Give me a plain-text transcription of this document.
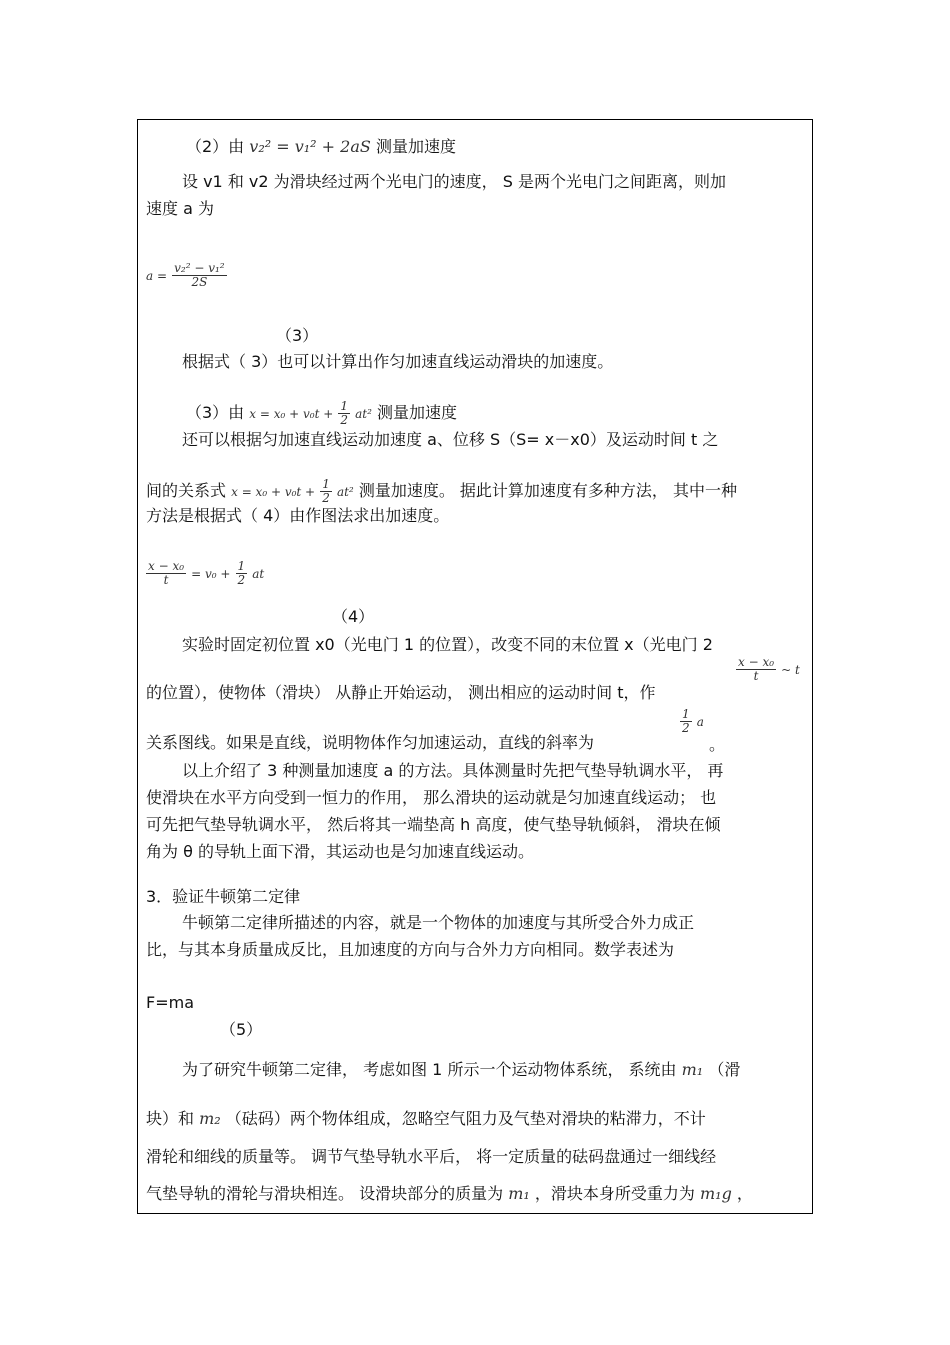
（2）由 v₂² = v₁² + 2aS 测量加速度
设 v1 和 v2 为滑块经过两个光电门的速度， S 是两个光电门之间距离，则加
速度 a 为
$a = \frac{\text{v₂² − v₁²}}{2S}$
（3）
根据式（ 3）也可以计算出作匀加速直线运动滑块的加速度。
（3）由 $x = x_0 + v_0t + \frac{1}{2} at^2$ 测量加速度
还可以根据匀加速直线运动加速度 a、位移 S（S= x－x0）及运动时间 t 之
间的关系式 $x = x_0 + v_0t + \frac{1}{2} at^2$ 测量加速度。 据此计算加速度有多种方法， 其中一种
方法是根据式（ 4）由作图法求出加速度。
$\frac{\text{x − x₀}}{t} = v_0 + \frac{1}{2}$ at
（4）
实验时固定初位置 x0（光电门 1 的位置），改变不同的末位置 x（光电门 2
的位置），使物体（滑块） 从静止开始运动， 测出相应的运动时间 t，作
$\frac{\text{x − x₀}}{t}$ ~ t
关系图线。如果是直线，说明物体作匀加速运动，直线的斜率为
$\frac{1}{2}$ a
。
以上介绍了 3 种测量加速度 a 的方法。具体测量时先把气垫导轨调水平， 再
使滑块在水平方向受到一恒力的作用， 那么滑块的运动就是匀加速直线运动； 也
可先把气垫导轨调水平， 然后将其一端垫高 h 高度，使气垫导轨倾斜， 滑块在倾
角为 θ 的导轨上面下滑，其运动也是匀加速直线运动。
3．验证牛顿第二定律
牛顿第二定律所描述的内容，就是一个物体的加速度与其所受合外力成正
比，与其本身质量成反比，且加速度的方向与合外力方向相同。数学表述为
F=ma
（5）
为了研究牛顿第二定律， 考虑如图 1 所示一个运动物体系统， 系统由 m₁ （滑
块）和 m₂ （砝码）两个物体组成，忽略空气阻力及气垫对滑块的粘滞力，不计
滑轮和细线的质量等。 调节气垫导轨水平后， 将一定质量的砝码盘通过一细线经
气垫导轨的滑轮与滑块相连。 设滑块部分的质量为 m₁ ，滑块本身所受重力为 m₁g ，
